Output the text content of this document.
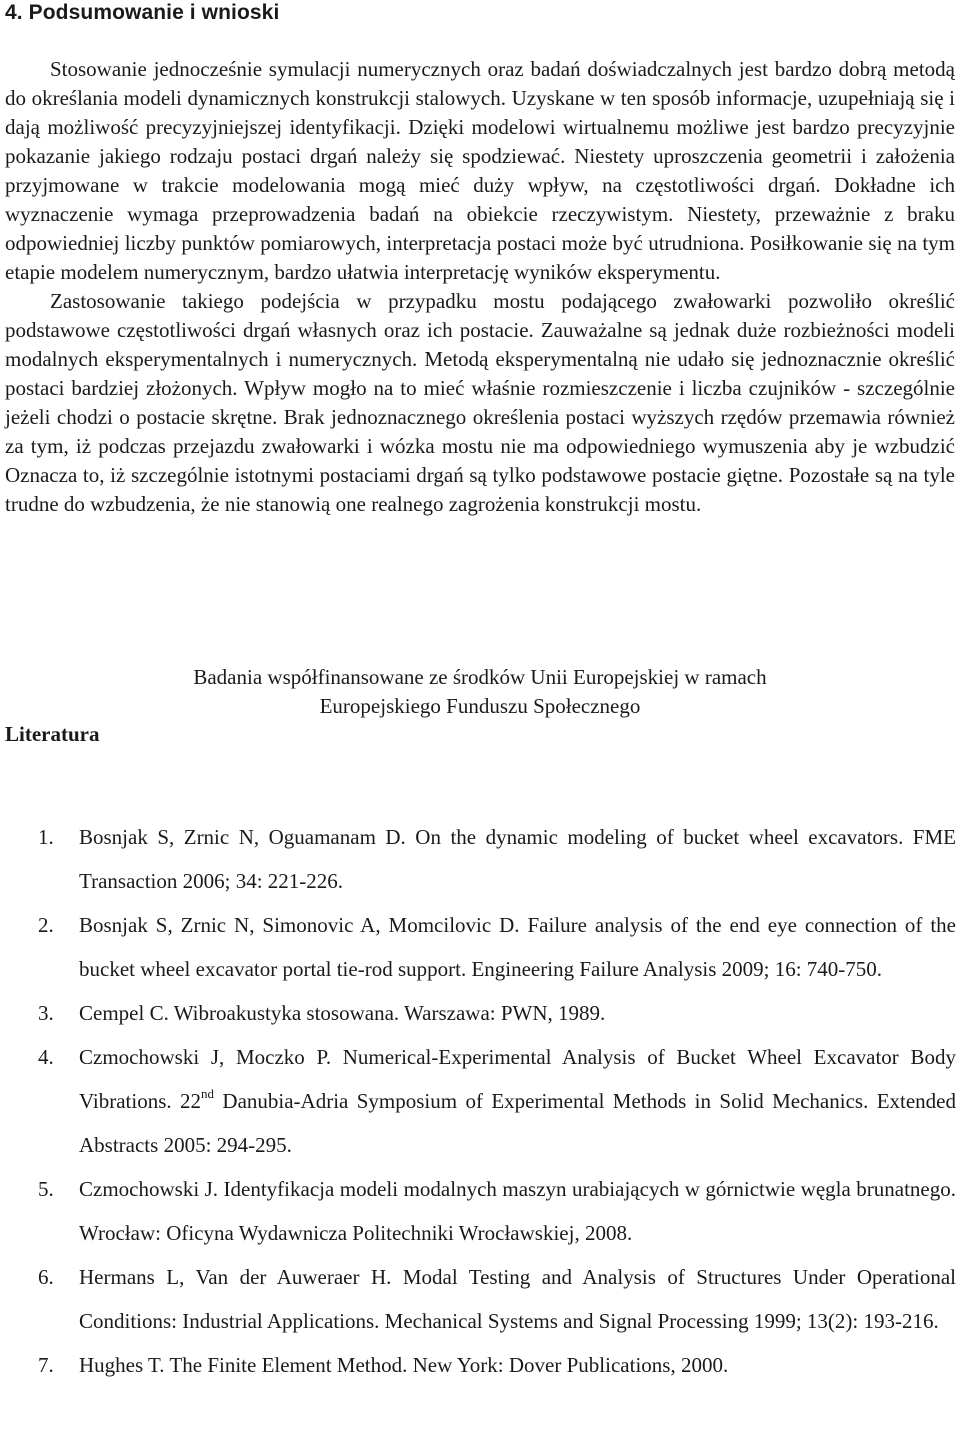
4. Podsumowanie i wnioski

Stosowanie jednocześnie symulacji numerycznych oraz badań doświadczalnych jest bardzo dobrą metodą do określania modeli dynamicznych konstrukcji stalowych. Uzyskane w ten sposób informacje, uzupełniają się i dają możliwość precyzyjniejszej identyfikacji. Dzięki modelowi wirtualnemu możliwe jest bardzo precyzyjnie pokazanie jakiego rodzaju postaci drgań należy się spodziewać. Niestety uproszczenia geometrii i założenia przyjmowane w trakcie modelowania mogą mieć duży wpływ, na częstotliwości drgań. Dokładne ich wyznaczenie wymaga przeprowadzenia badań na obiekcie rzeczywistym. Niestety, przeważnie z braku odpowiedniej liczby punktów pomiarowych, interpretacja postaci może być utrudniona. Posiłkowanie się na tym etapie modelem numerycznym, bardzo ułatwia interpretację wyników eksperymentu.

Zastosowanie takiego podejścia w przypadku mostu podającego zwałowarki pozwoliło określić podstawowe częstotliwości drgań własnych oraz ich postacie. Zauważalne są jednak duże rozbieżności modeli modalnych eksperymentalnych i numerycznych. Metodą eksperymentalną nie udało się jednoznacznie określić postaci bardziej złożonych. Wpływ mogło na to mieć właśnie rozmieszczenie i liczba czujników - szczególnie jeżeli chodzi o postacie skrętne. Brak jednoznacznego określenia postaci wyższych rzędów przemawia również za tym, iż podczas przejazdu zwałowarki i wózka mostu nie ma odpowiedniego wymuszenia aby je wzbudzić Oznacza to, iż szczególnie istotnymi postaciami drgań są tylko podstawowe postacie giętne. Pozostałe są na tyle trudne do wzbudzenia, że nie stanowią one realnego zagrożenia konstrukcji mostu.

Badania współfinansowane ze środków Unii Europejskiej w ramach
Europejskiego Funduszu Społecznego

Literatura
1. Bosnjak S, Zrnic N, Oguamanam D. On the dynamic modeling of bucket wheel excavators. FME Transaction 2006; 34: 221-226.
2. Bosnjak S, Zrnic N, Simonovic A, Momcilovic D. Failure analysis of the end eye connection of the bucket wheel excavator portal tie-rod support. Engineering Failure Analysis 2009; 16: 740-750.
3. Cempel C. Wibroakustyka stosowana. Warszawa: PWN, 1989.
4. Czmochowski J, Moczko P. Numerical-Experimental Analysis of Bucket Wheel Excavator Body Vibrations. 22nd Danubia-Adria Symposium of Experimental Methods in Solid Mechanics. Extended Abstracts 2005: 294-295.
5. Czmochowski J. Identyfikacja modeli modalnych maszyn urabiających w górnictwie węgla brunatnego. Wrocław: Oficyna Wydawnicza Politechniki Wrocławskiej, 2008.
6. Hermans L, Van der Auweraer H. Modal Testing and Analysis of Structures Under Operational Conditions: Industrial Applications. Mechanical Systems and Signal Processing 1999; 13(2): 193-216.
7. Hughes T. The Finite Element Method. New York: Dover Publications, 2000.
